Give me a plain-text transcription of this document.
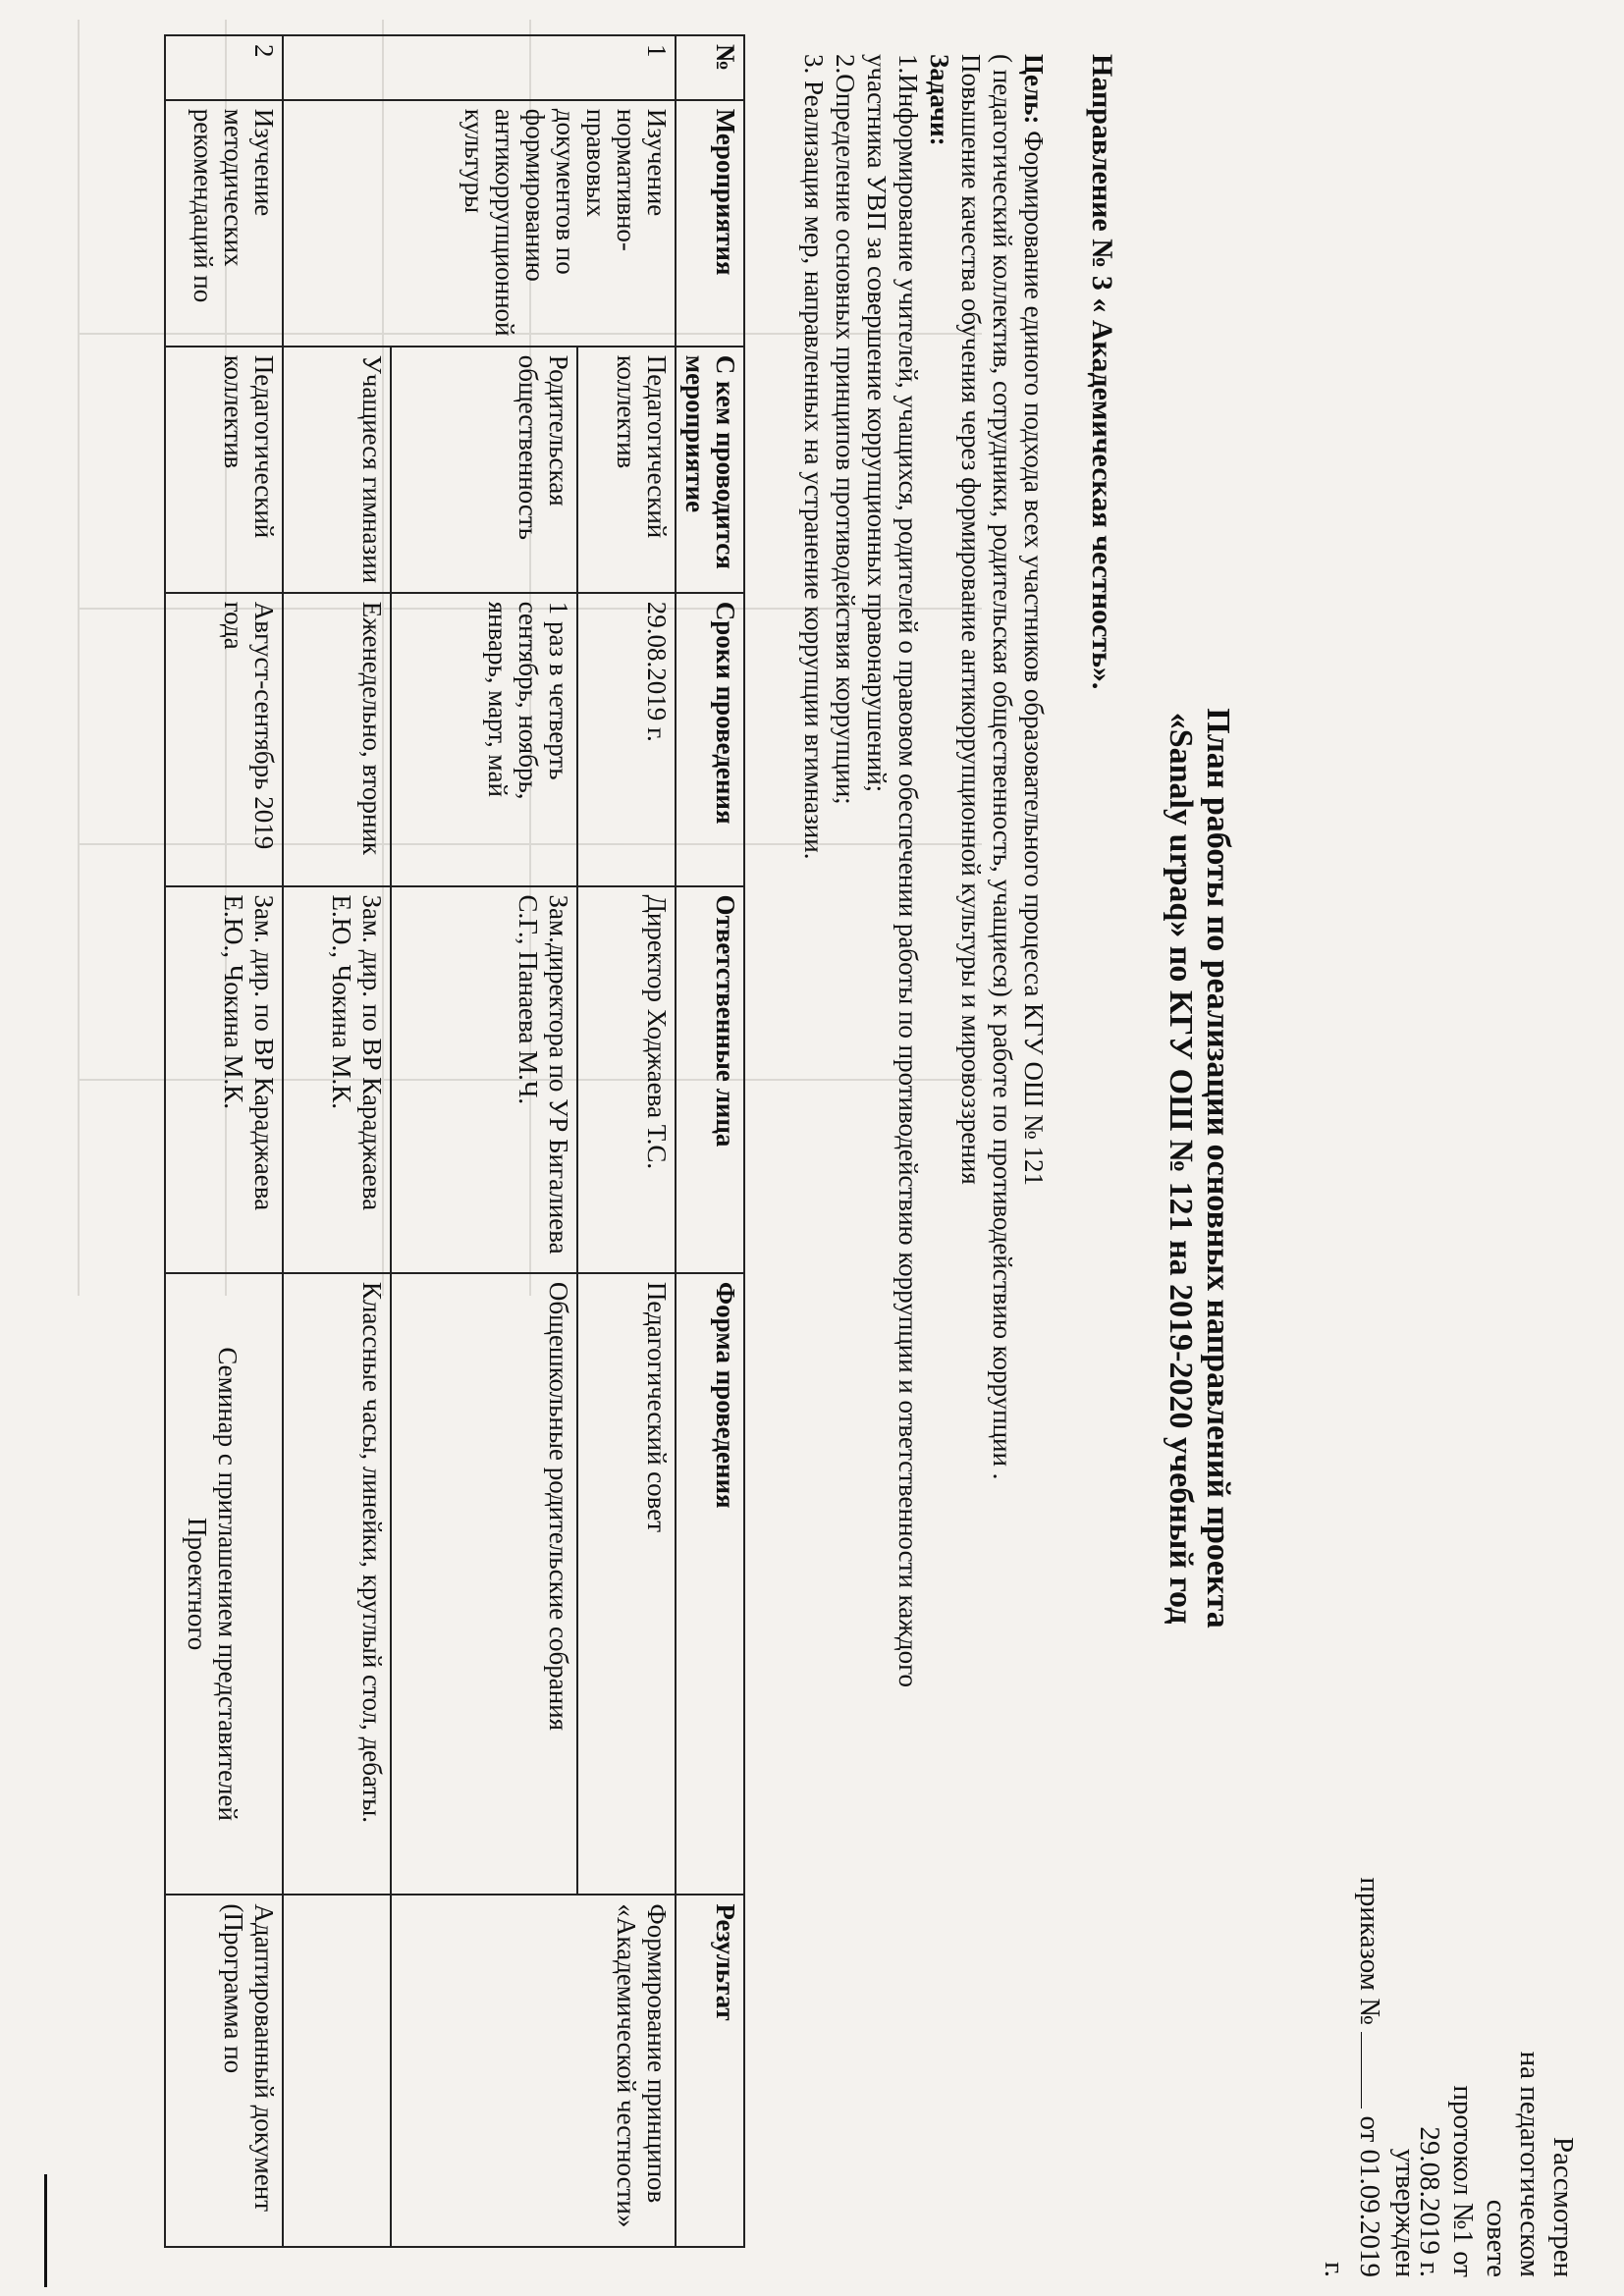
Рассмотрен
на педагогическом совете
протокол №1 от 29.08.2019 г.
утвержден
приказом №  от 01.09.2019 г.
План работы по реализации основных направлений проекта
«Sanaly urpaq» по КГУ ОШ № 121 на 2019-2020 учебный год
Направление № 3 « Академическая честность».

Цель: Формирование единого подхода всех участников образовательного процесса КГУ ОШ № 121

( педагогический коллектив, сотрудники, родительская общественность, учащиеся) к работе по противодействию коррупции .

Повышение качества обучения через формирование антикоррупционной культуры и мировоззрения

Задачи:

1.Информирование учителей, учащихся, родителей о правовом обеспечении работы по противодействию коррупции и ответственности каждого

участника УВП за совершение коррупционных правонарушений;

2.Определение основных принципов противодействия коррупции;

3. Реализация мер, направленных на устранение коррупции вгимназии.

№	Мероприятия	С кем проводится мероприятие	Сроки проведения	Ответственные лица	Форма проведения	Результат
1	Изучение нормативно-правовых документов по формированию антикоррупционной культуры	Педагогический коллектив	29.08.2019 г.	Директор Ходжаева Т.С.	Педагогический совет	Формирование принципов «Академической честности»
		Родительская общественность	1 раз в четверть сентябрь, ноябрь, январь, март, май	Зам.директора по УР Бигалиева С.Г., Панаева М.Ч.	Общешкольные родительские собрания	
		Учащиеся гимназии	Еженедельно, вторник	Зам. дир. по ВР Караджаева Е.Ю., Чокина М.К.	Классные часы, линейки, круглый стол, дебаты.	
2	Изучение методических рекомендаций по	Педагогический коллектив	Август-сентябрь 2019 года	Зам. дир. по ВР Караджаева Е.Ю., Чокина М.К.	Семинар с приглашением представителей Проектного	Адаптированный документ (Программа по
